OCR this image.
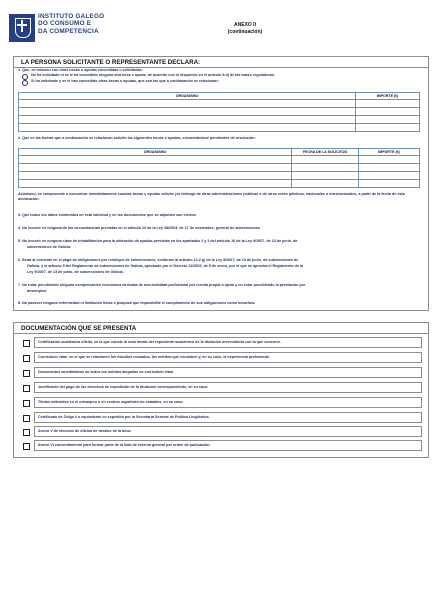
INSTITUTO GALEGO
DO CONSUMO E
DA COMPETENCIA
ANEXO II
(continuación)
LA PERSONA SOLICITANTE O REPRESENTANTE DECLARA:
1. Que, en relación con otras becas o ayudas concedidas o solicitadas:
No ha solicitado ni se le ha concedido ninguna otra beca o ayuda, de acuerdo con lo dispuesto en el artículo 5.d) de las bases reguladoras.
Sí ha solicitado y se le han concedido otras becas o ayudas, que son las que a continuación se relacionan:
ORGANISMO	IMPORTE (€)

2. Que en las fechas que a continuación se relacionan solicitó las siguientes becas o ayudas, encontrándose pendientes de resolución:
ORGANISMO	FECHA DE LA SOLICITUD	IMPORTE (€)

Asimismo, se compromete a comunicar inmediatamente cuantas becas y ayudas solicite y/o obtenga de otras administraciones públicas o de otros entes públicos, nacionales o internacionales, a partir de la fecha de esta declaración.
3. Que todos los datos contenidos en esta solicitud y en los documentos que se adjuntan son ciertos.
4. No incurrir en ninguna de las circunstancias previstas en el artículo 13 de la Ley 38/2003, de 17 de noviembre, general de subvenciones.
5. No incurrir en ninguna clase de inhabilitación para la obtención de ayudas previstas en los apartados 2 y 3 del artículo 10 de la Ley 9/2007, de 13 de junio, de
subvenciones de Galicia.
6. Estar al corriente en el pago de obligaciones por reintegro de subvenciones, conforme al artículo 10.2.g) de la Ley 9/2007, de 13 de junio, de subvenciones de
Galicia, y el artículo 9 del Reglamento de subvenciones de Galicia, aprobado por el Decreto 11/2009, de 8 de enero, por el que se aprueba el Reglamento de la
Ley 9/2007, de 13 de junio, de subvenciones de Galicia.
7. No estar percibiendo ninguna compensación económica derivada de una actividad profesional por cuenta propia o ajena y no estar percibiendo la prestación por
desempleo.
8. No padecer ninguna enfermedad ni limitación física o psíquica que imposibilite el cumplimiento de sus obligaciones como becario/a.
DOCUMENTACIÓN QUE SE PRESENTA
Certificación académica oficial, en la que conste la nota media del expediente académico de la titulación universitaria con la que concurre.
Curriculum vitae, en el que se relacionen los estudios cursados, los méritos que considere y, en su caso, la experiencia profesional.
Documentos acreditativos de todos los méritos alegados en curriculum vitae.
Justificante del pago de los derechos de expedición de la titulación correspondiente, en su caso.
Títulos obtenidos en el extranjero o en centros españoles no estatales, en su caso.
Certificado de Celga 4 o equivalente co expedido por la Secretaría General de Política Lingüística.
Anexo V de elección de oficina de destino de la beca.
Anexo VI consentimiento para formar parte de la lista de reserva general por orden de puntuación.
